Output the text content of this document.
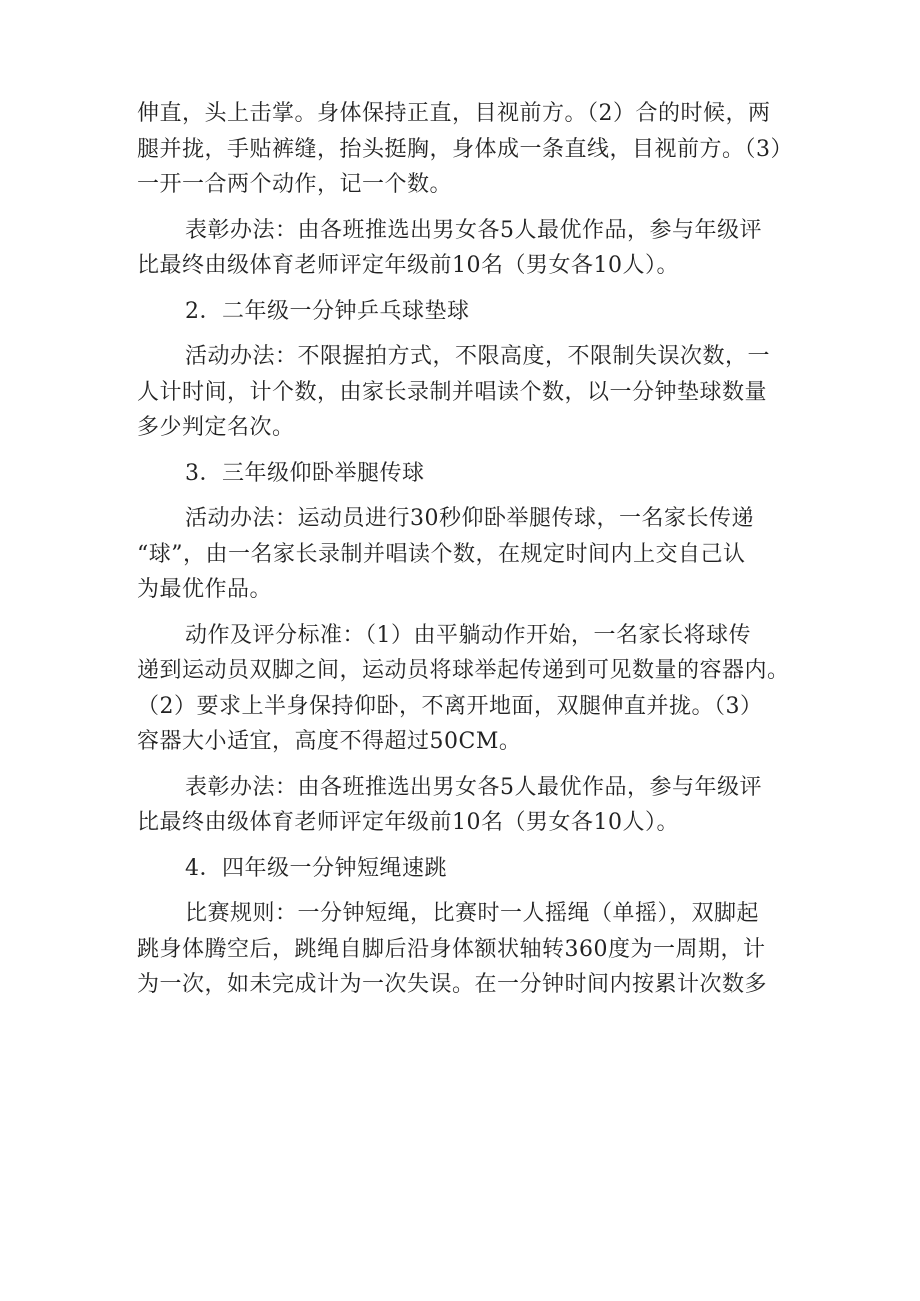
伸直，头上击掌。身体保持正直，目视前方。（2）合的时候，两
腿并拢，手贴裤缝，抬头挺胸，身体成一条直线，目视前方。（3）
一开一合两个动作，记一个数。
表彰办法：由各班推选出男女各5人最优作品，参与年级评
比最终由级体育老师评定年级前10名（男女各10人）。
2．二年级一分钟乒乓球垫球
活动办法：不限握拍方式，不限高度，不限制失误次数，一
人计时间，计个数，由家长录制并唱读个数，以一分钟垫球数量
多少判定名次。
3．三年级仰卧举腿传球
活动办法：运动员进行30秒仰卧举腿传球，一名家长传递
“球”，由一名家长录制并唱读个数，在规定时间内上交自己认
为最优作品。
动作及评分标准：（1）由平躺动作开始，一名家长将球传
递到运动员双脚之间，运动员将球举起传递到可见数量的容器内。
（2）要求上半身保持仰卧，不离开地面，双腿伸直并拢。（3）
容器大小适宜，高度不得超过50CM。
表彰办法：由各班推选出男女各5人最优作品，参与年级评
比最终由级体育老师评定年级前10名（男女各10人）。
4．四年级一分钟短绳速跳
比赛规则：一分钟短绳，比赛时一人摇绳（单摇），双脚起
跳身体腾空后，跳绳自脚后沿身体额状轴转360度为一周期，计
为一次，如未完成计为一次失误。在一分钟时间内按累计次数多
